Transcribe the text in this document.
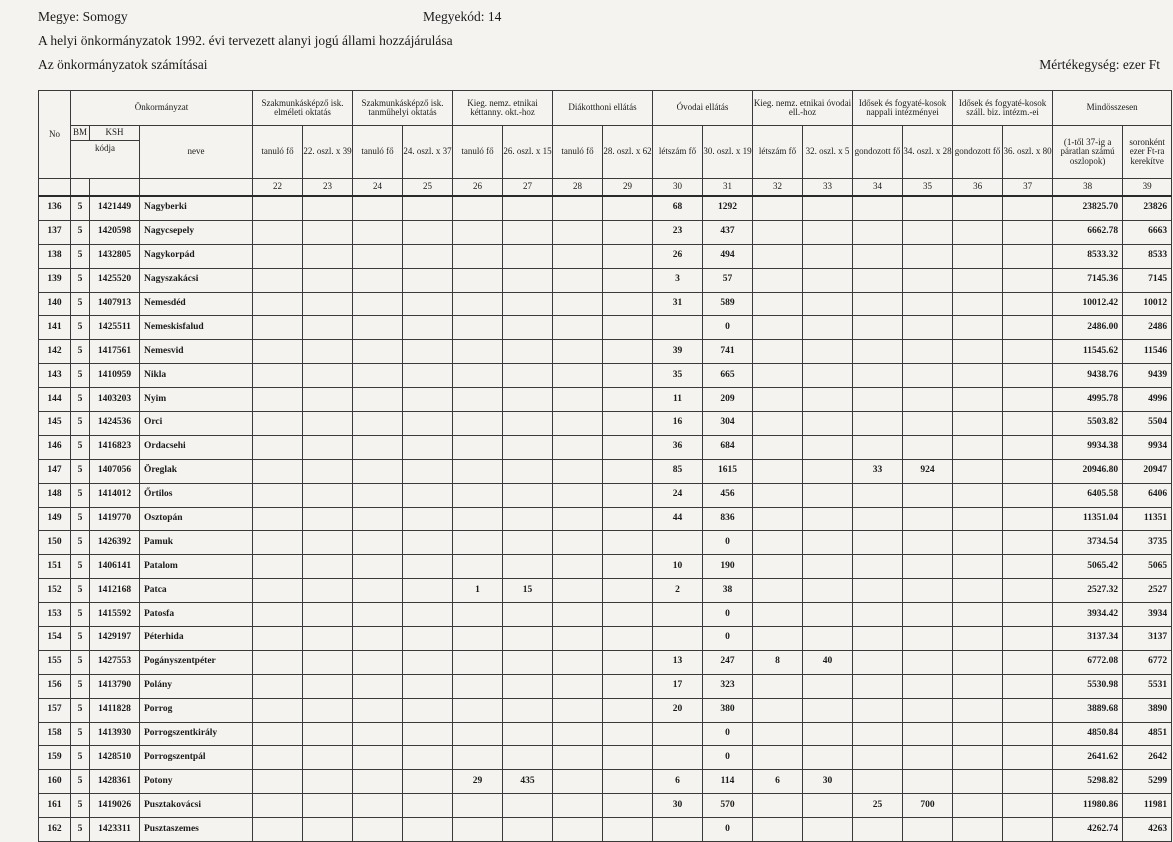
Megye: Somogy	Megyekód: 14
A helyi önkormányzatok 1992. évi tervezett alanyi jogú állami hozzájárulása
Az önkormányzatok számításai	Mértékegység: ezer Ft
No	Önkormányzat			Szakmunkásképző isk. elméleti oktatás		Szakmunkásképző isk. tanműhelyi oktatás		Kieg. nemz. etnikai kéttanny. okt.-hoz		Diákotthoni ellátás		Óvodai ellátás		Kieg. nemz. etnikai óvodai ell.-hoz		Idősek és fogyaté-kosok nappali intézményei		Idősek és fogyaté-kosok száll. biz. intézm.-ei		Mindösszesen	
	BM	KSH	neve	tanuló fő	22. oszl. x 39	tanuló fő	24. oszl. x 37	tanuló fő	26. oszl. x 15	tanuló fő	28. oszl. x 62	létszám fő	30. oszl. x 19	létszám fő	32. oszl. x 5	gondozott fő	34. oszl. x 28	gondozott fő	36. oszl. x 80	(1-től 37-ig a páratlan számú oszlopok)	soronként ezer Ft-ra kerekítve
	kódja																				
				22	23	24	25	26	27	28	29	30	31	32	33	34	35	36	37	38	39
136	5	1421449	Nagyberki									68	1292							23825.70	23826
137	5	1420598	Nagycsepely									23	437							6662.78	6663
138	5	1432805	Nagykorpád									26	494							8533.32	8533
139	5	1425520	Nagyszakácsi									3	57							7145.36	7145
140	5	1407913	Nemesdéd									31	589							10012.42	10012
141	5	1425511	Nemeskisfalud										0							2486.00	2486
142	5	1417561	Nemesvid									39	741							11545.62	11546
143	5	1410959	Nikla									35	665							9438.76	9439
144	5	1403203	Nyim									11	209							4995.78	4996
145	5	1424536	Orci									16	304							5503.82	5504
146	5	1416823	Ordacsehi									36	684							9934.38	9934
147	5	1407056	Öreglak									85	1615			33	924			20946.80	20947
148	5	1414012	Őrtilos									24	456							6405.58	6406
149	5	1419770	Osztopán									44	836							11351.04	11351
150	5	1426392	Pamuk										0							3734.54	3735
151	5	1406141	Patalom									10	190							5065.42	5065
152	5	1412168	Patca					1	15			2	38							2527.32	2527
153	5	1415592	Patosfa										0							3934.42	3934
154	5	1429197	Péterhida										0							3137.34	3137
155	5	1427553	Pogányszentpéter									13	247	8	40					6772.08	6772
156	5	1413790	Polány									17	323							5530.98	5531
157	5	1411828	Porrog									20	380							3889.68	3890
158	5	1413930	Porrogszentkirály										0							4850.84	4851
159	5	1428510	Porrogszentpál										0							2641.62	2642
160	5	1428361	Potony					29	435			6	114	6	30					5298.82	5299
161	5	1419026	Pusztakovácsi									30	570			25	700			11980.86	11981
162	5	1423311	Pusztaszemes										0							4262.74	4263
